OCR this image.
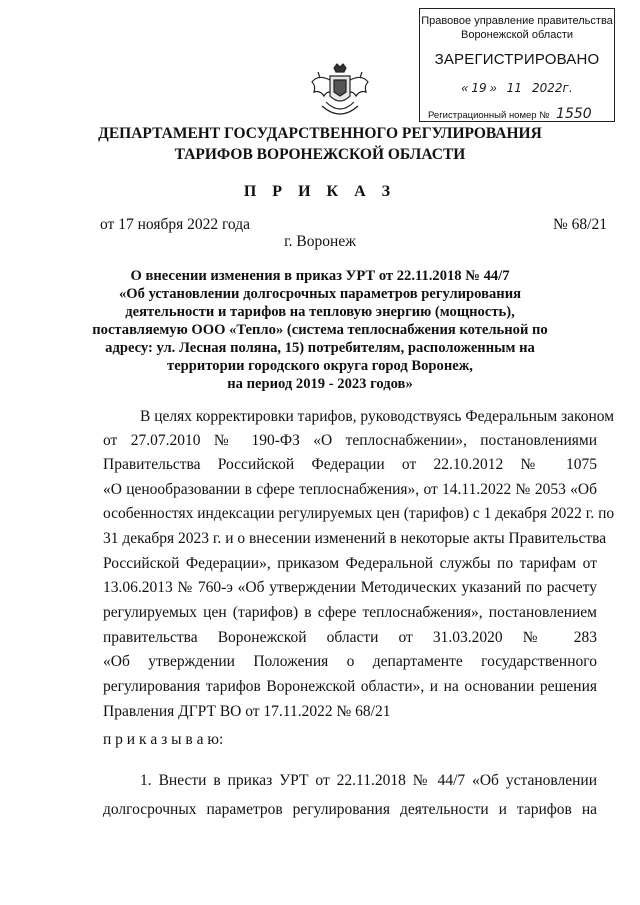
Правовое управление правительства
Воронежской области
ЗАРЕГИСТРИРОВАНО
« 19 »   11 2022г.
Регистрационный номер № 1550
ДЕПАРТАМЕНТ ГОСУДАРСТВЕННОГО РЕГУЛИРОВАНИЯ
ТАРИФОВ ВОРОНЕЖСКОЙ ОБЛАСТИ
П Р И К А З
от 17 ноября 2022 года	№ 68/21
г. Воронеж
О внесении изменения в приказ УРТ от 22.11.2018 № 44/7
«Об установлении долгосрочных параметров регулирования
деятельности и тарифов на тепловую энергию (мощность),
поставляемую ООО «Тепло» (система теплоснабжения котельной по
адресу: ул. Лесная поляна, 15) потребителям, расположенным на
территории городского округа город Воронеж,
на период 2019 - 2023 годов»
В целях корректировки тарифов, руководствуясь Федеральным законом
от 27.07.2010 № 190-ФЗ «О теплоснабжении», постановлениями
Правительства Российской Федерации от 22.10.2012 № 1075
«О ценообразовании в сфере теплоснабжения», от 14.11.2022 № 2053 «Об
особенностях индексации регулируемых цен (тарифов) с 1 декабря 2022 г. по
31 декабря 2023 г. и о внесении изменений в некоторые акты Правительства
Российской Федерации», приказом Федеральной службы по тарифам от
13.06.2013 № 760-э «Об утверждении Методических указаний по расчету
регулируемых цен (тарифов) в сфере теплоснабжения», постановлением
правительства Воронежской области от 31.03.2020 № 283
«Об утверждении Положения о департаменте государственного
регулирования тарифов Воронежской области», и на основании решения
Правления ДГРТ ВО от 17.11.2022 № 68/21
п р и к а з ы в а ю:
1. Внести в приказ УРТ от 22.11.2018 № 44/7 «Об установлении
долгосрочных параметров регулирования деятельности и тарифов на
